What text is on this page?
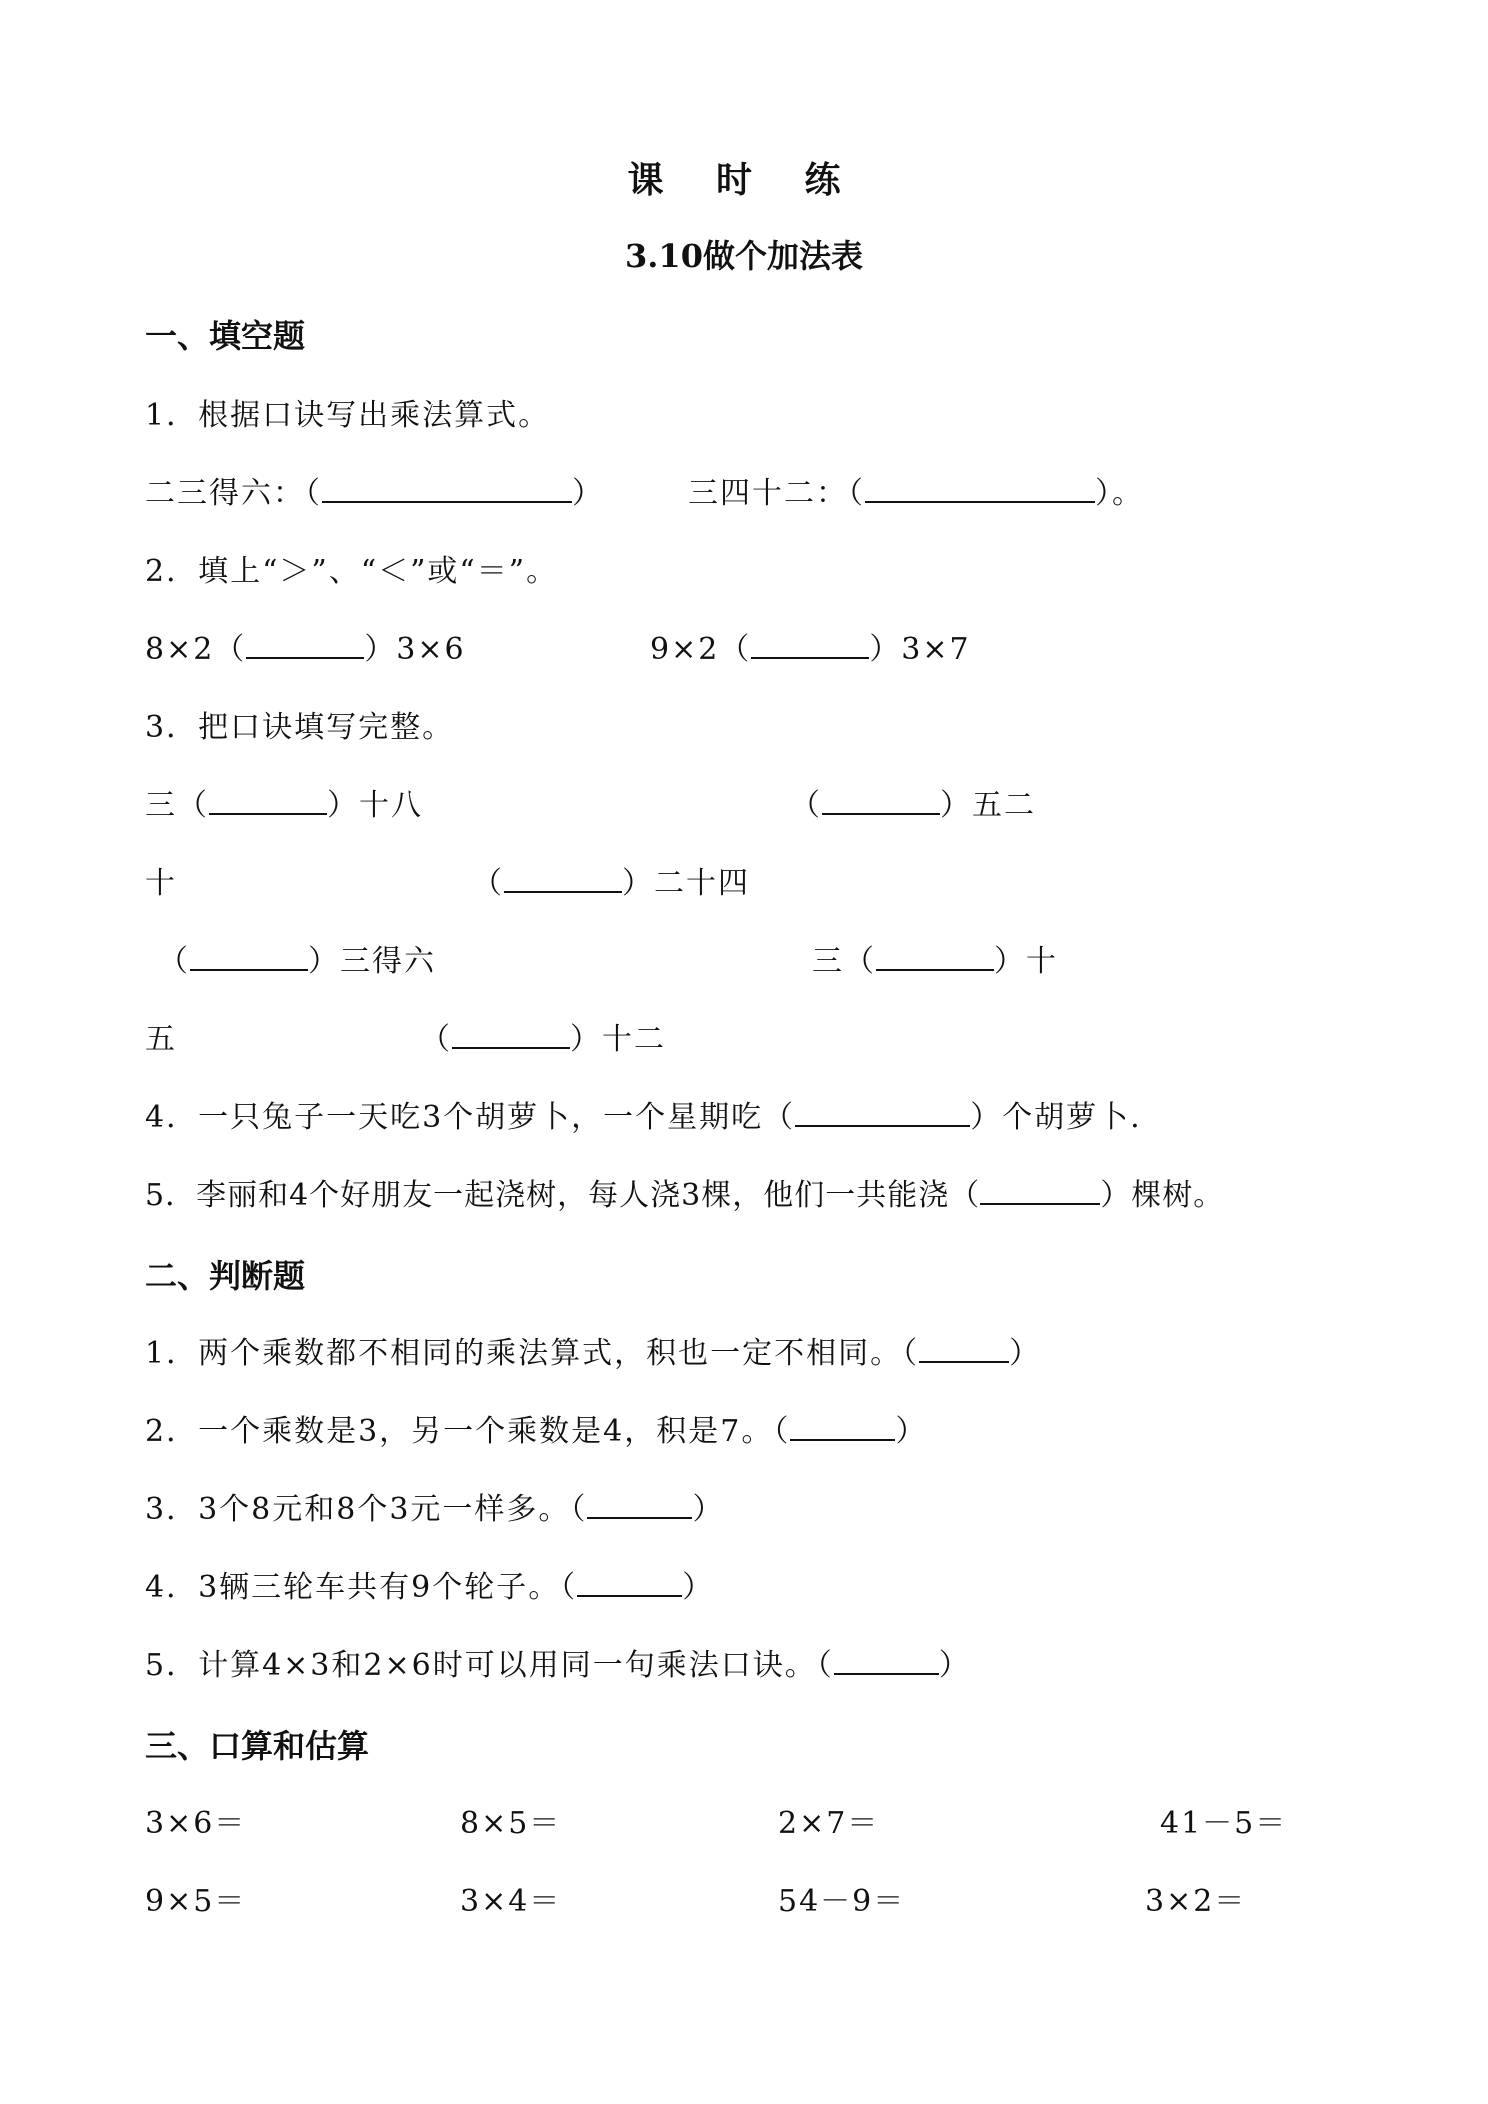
课 时 练
3.10做个加法表
一、填空题
1．根据口诀写出乘法算式。
二三得六：（	）	三四十二：（	）。
2．填上“＞”、“＜”或“＝”。
8×2（	）3×6	9×2（	）3×7
3．把口诀填写完整。
三（	）十八	（	）五二
十	（	）二十四
（	）三得六	三（	）十
五	（	）十二
4．一只兔子一天吃3个胡萝卜，一个星期吃（	）个胡萝卜.
5．李丽和4个好朋友一起浇树，每人浇3棵，他们一共能浇（	）棵树。
二、判断题
1．两个乘数都不相同的乘法算式，积也一定不相同。（	）
2．一个乘数是3，另一个乘数是4，积是7。（	）
3．3个8元和8个3元一样多。（	）
4．3辆三轮车共有9个轮子。（	）
5．计算4×3和2×6时可以用同一句乘法口诀。（	）
三、口算和估算
3×6＝	8×5＝	2×7＝	41－5＝
9×5＝	3×4＝	54－9＝	3×2＝
